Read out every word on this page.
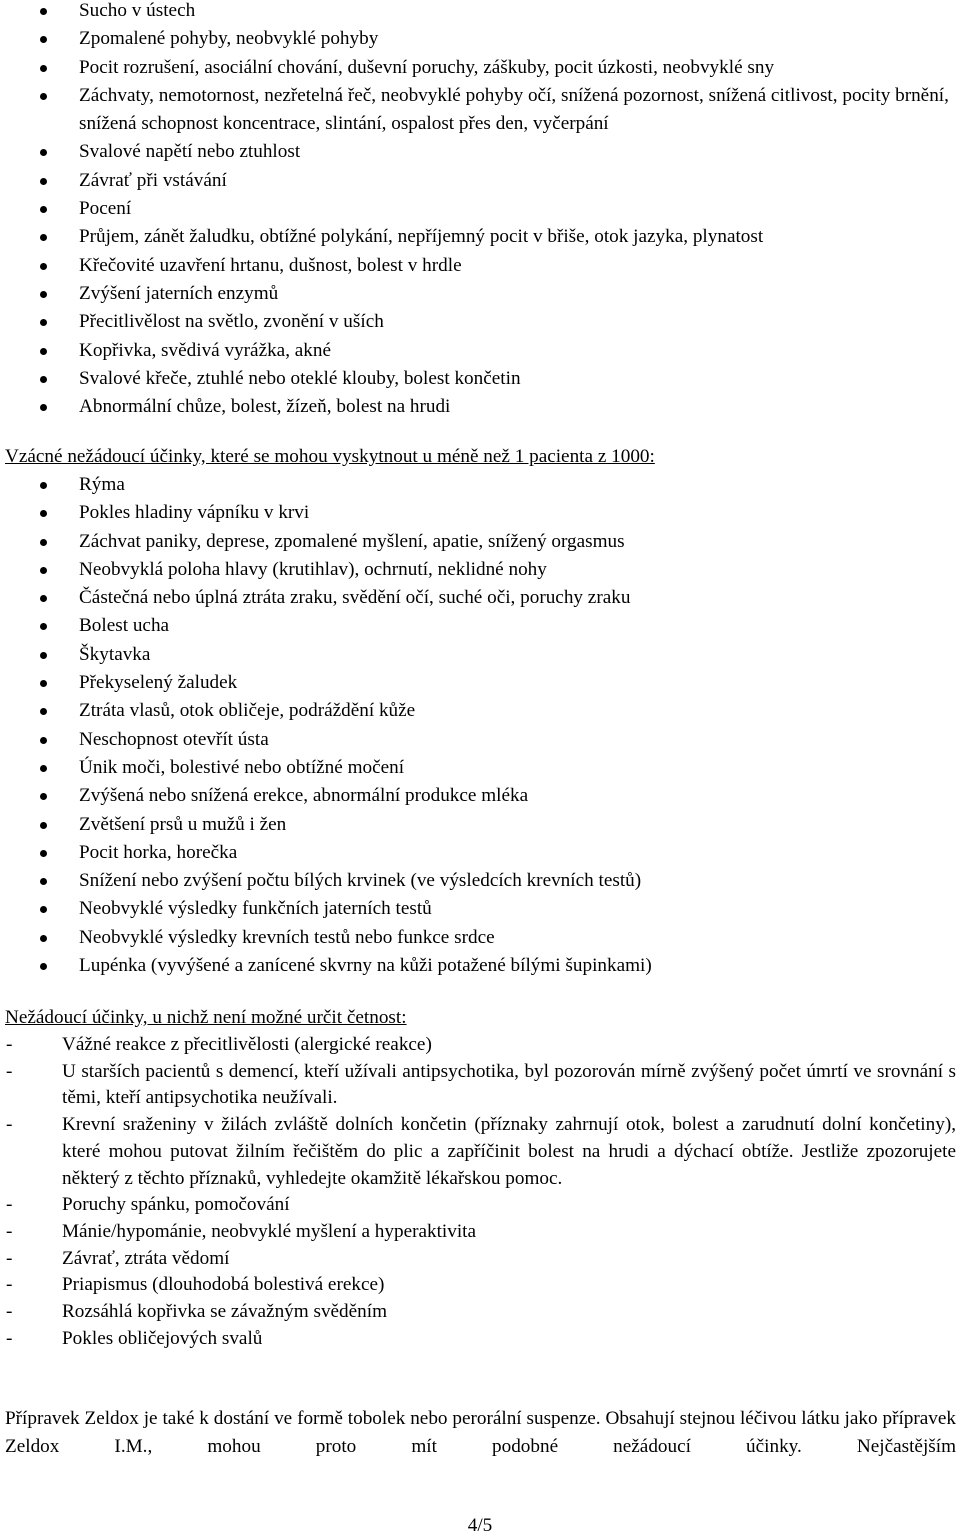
Sucho v ústech
Zpomalené pohyby, neobvyklé pohyby
Pocit rozrušení, asociální chování, duševní poruchy, záškuby, pocit úzkosti, neobvyklé sny
Záchvaty, nemotornost, nezřetelná řeč, neobvyklé pohyby očí, snížená pozornost, snížená citlivost, pocity brnění, snížená schopnost koncentrace, slintání, ospalost přes den, vyčerpání
Svalové napětí nebo ztuhlost
Závrať při vstávání
Pocení
Průjem, zánět žaludku, obtížné polykání, nepříjemný pocit v břiše, otok jazyka, plynatost
Křečovité uzavření hrtanu, dušnost, bolest v hrdle
Zvýšení jaterních enzymů
Přecitlivělost na světlo, zvonění v uších
Kopřivka, svědivá vyrážka, akné
Svalové křeče, ztuhlé nebo oteklé klouby, bolest končetin
Abnormální chůze, bolest, žízeň, bolest na hrudi
Vzácné nežádoucí účinky, které se mohou vyskytnout u méně než 1 pacienta z 1000:
Rýma
Pokles hladiny vápníku v krvi
Záchvat paniky, deprese, zpomalené myšlení, apatie, snížený orgasmus
Neobvyklá poloha hlavy (krutihlav), ochrnutí, neklidné nohy
Částečná nebo úplná ztráta zraku, svědění očí, suché oči, poruchy zraku
Bolest ucha
Škytavka
Překyselený žaludek
Ztráta vlasů, otok obličeje, podráždění kůže
Neschopnost otevřít ústa
Únik moči, bolestivé nebo obtížné močení
Zvýšená nebo snížená erekce, abnormální produkce mléka
Zvětšení prsů u mužů i žen
Pocit horka, horečka
Snížení nebo zvýšení počtu bílých krvinek (ve výsledcích krevních testů)
Neobvyklé výsledky funkčních jaterních testů
Neobvyklé výsledky krevních testů nebo funkce srdce
Lupénka (vyvýšené a zanícené skvrny na kůži potažené bílými šupinkami)
Nežádoucí účinky, u nichž není možné určit četnost:
-	Vážné reakce z přecitlivělosti (alergické reakce)
-	U starších pacientů s demencí, kteří užívali antipsychotika, byl pozorován mírně zvýšený počet úmrtí ve srovnání s těmi, kteří antipsychotika neužívali.
-	Krevní sraženiny v žilách zvláště dolních končetin (příznaky zahrnují otok, bolest a zarudnutí dolní končetiny), které mohou putovat žilním řečištěm do plic a zapříčinit bolest na hrudi a dýchací obtíže. Jestliže zpozorujete některý z těchto příznaků, vyhledejte okamžitě lékařskou pomoc.
-	Poruchy spánku, pomočování
-	Mánie/hypománie, neobvyklé myšlení a hyperaktivita
-	Závrať, ztráta vědomí
-	Priapismus (dlouhodobá bolestivá erekce)
-	Rozsáhlá kopřivka se závažným svěděním
-	Pokles obličejových svalů

Přípravek Zeldox je také k dostání ve formě tobolek nebo perorální suspenze. Obsahují stejnou léčivou látku jako přípravek Zeldox I.M., mohou proto mít podobné nežádoucí účinky. Nejčastějším

4/5
